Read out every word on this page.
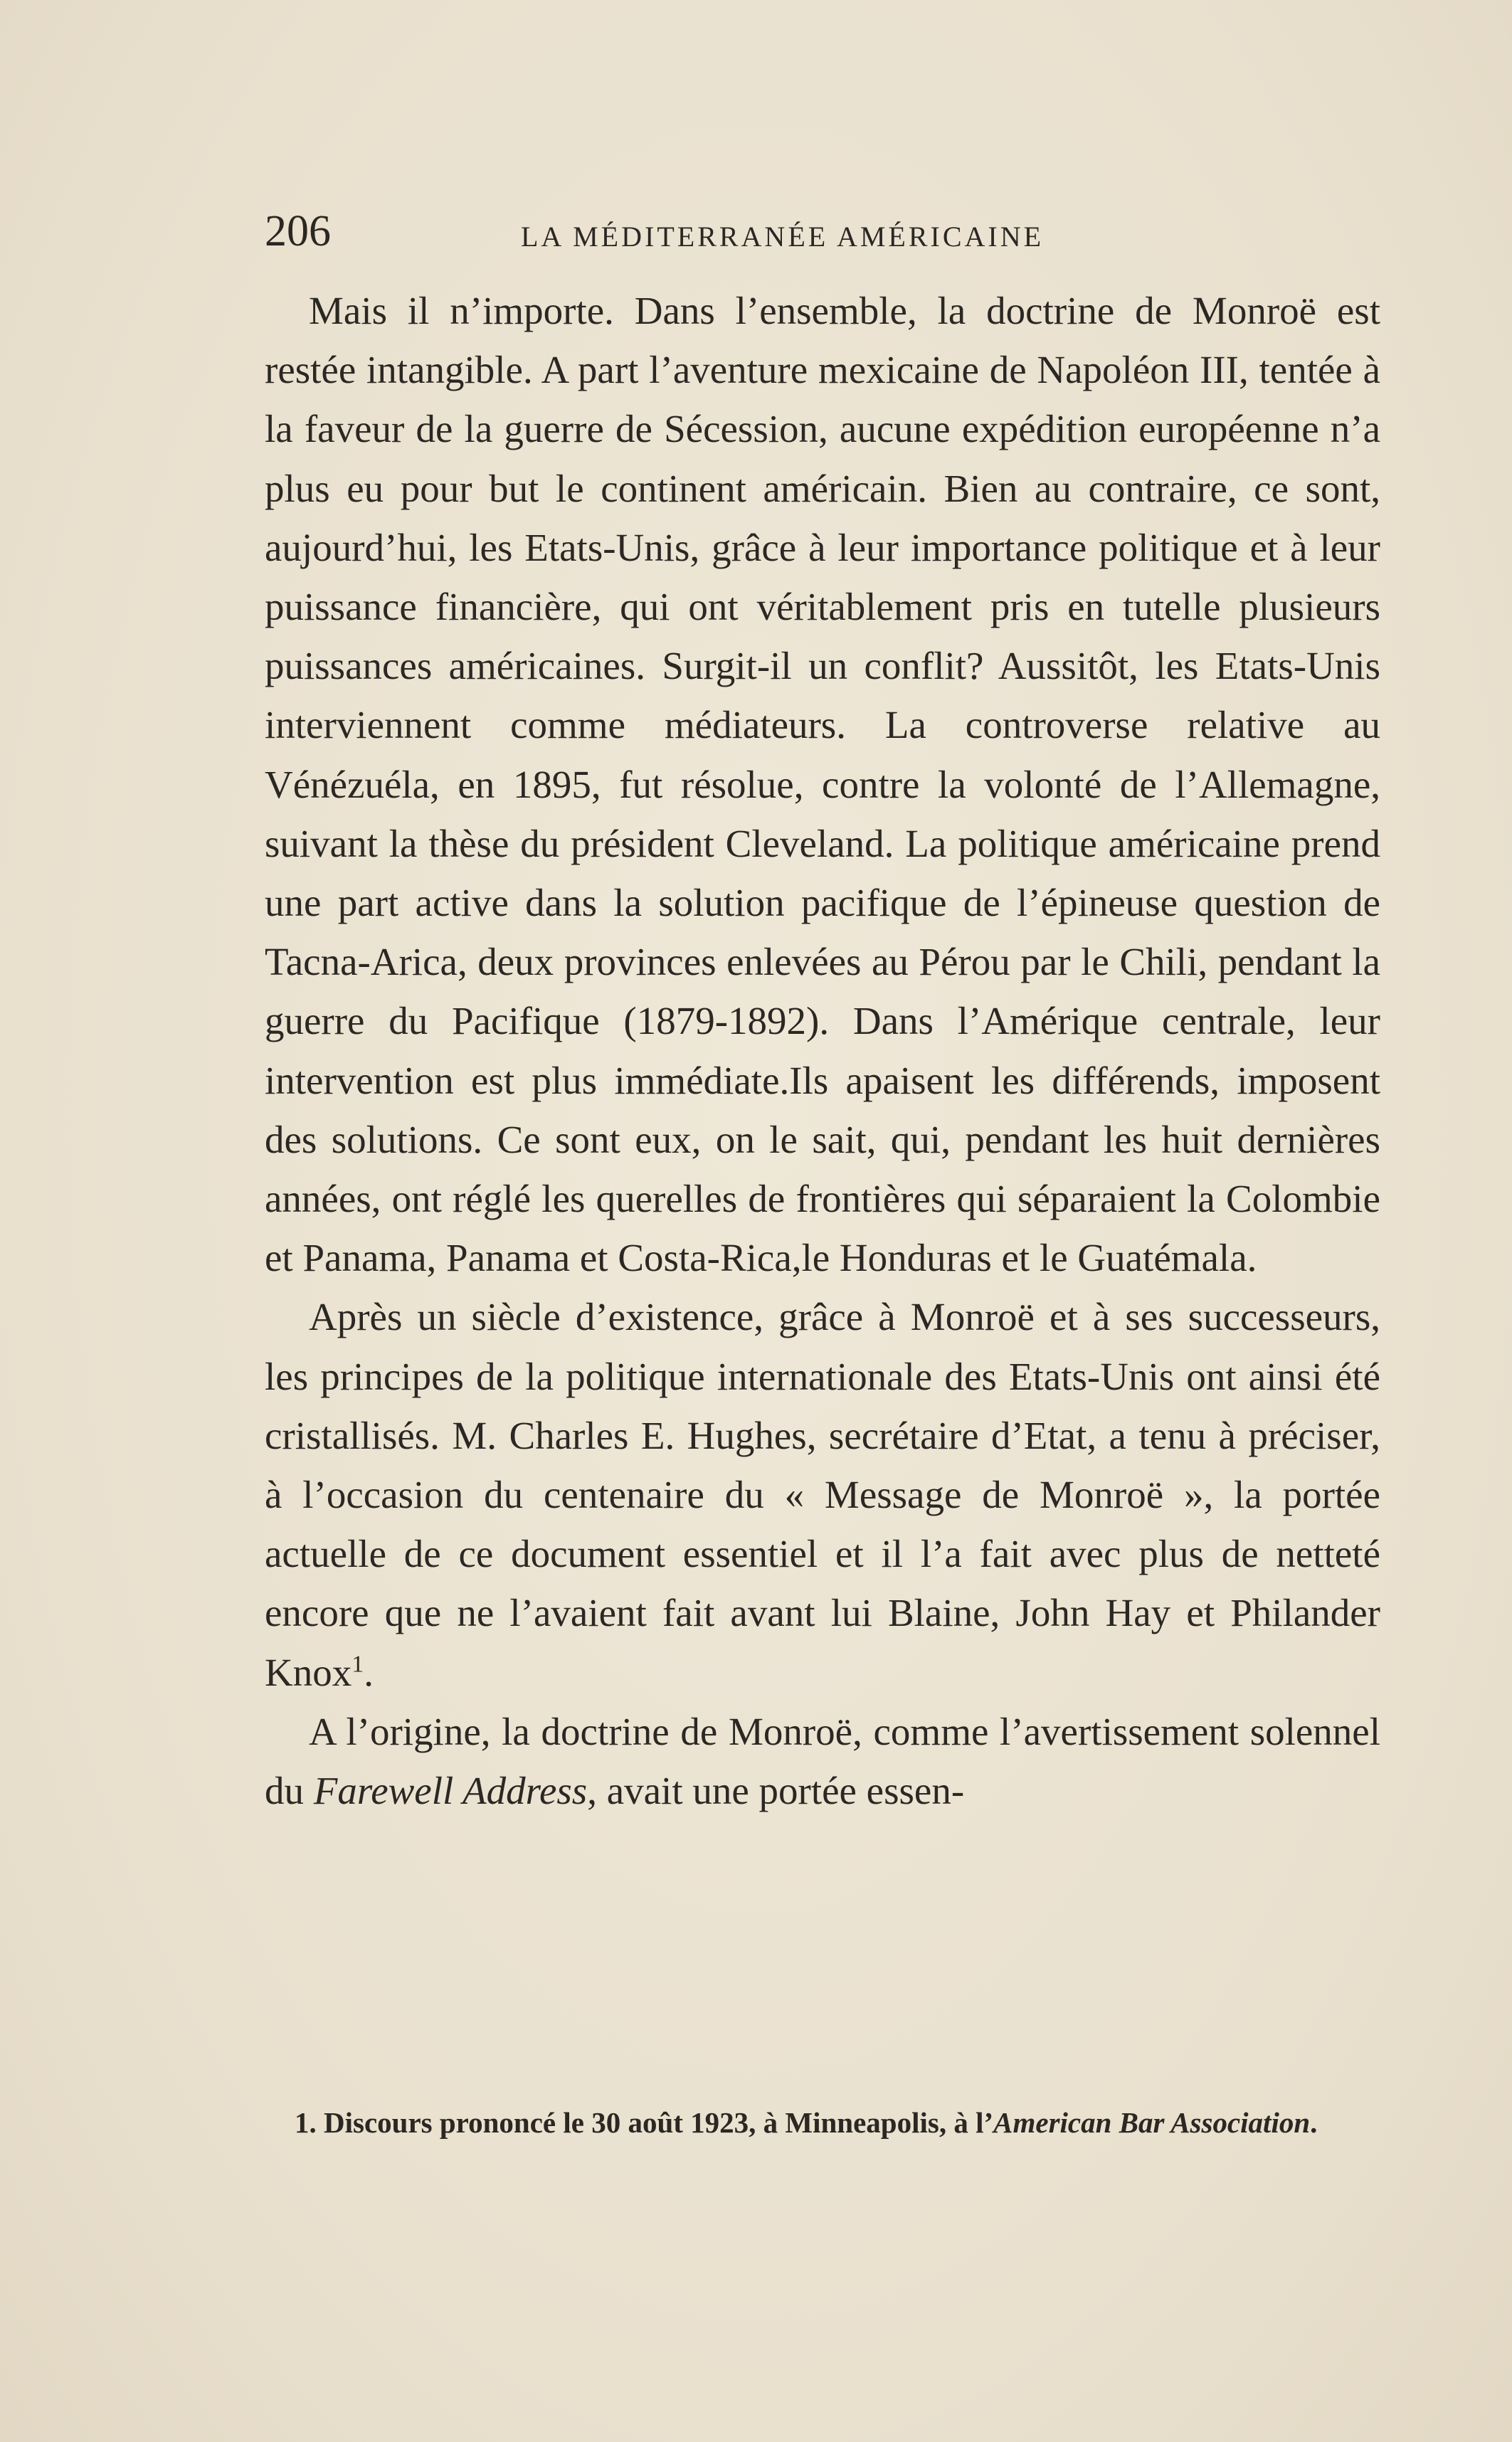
206	LA MÉDITERRANÉE AMÉRICAINE

Mais il n’importe. Dans l’ensemble, la doctrine de Monroë est restée intangible. A part l’aventure mexicaine de Napoléon III, tentée à la faveur de la guerre de Sécession, aucune expédition européenne n’a plus eu pour but le continent américain. Bien au contraire, ce sont, aujourd’hui, les Etats-Unis, grâce à leur importance politique et à leur puissance financière, qui ont véritablement pris en tutelle plusieurs puissances américaines. Surgit-il un conflit? Aussitôt, les Etats-Unis interviennent comme médiateurs. La controverse relative au Vénézuéla, en 1895, fut résolue, contre la volonté de l’Allemagne, suivant la thèse du président Cleveland. La politique américaine prend une part active dans la solution pacifique de l’épineuse question de Tacna-Arica, deux provinces enlevées au Pérou par le Chili, pendant la guerre du Pacifique (1879-1892). Dans l’Amérique centrale, leur intervention est plus immédiate.Ils apaisent les différends, imposent des solutions. Ce sont eux, on le sait, qui, pendant les huit dernières années, ont réglé les querelles de frontières qui séparaient la Colombie et Panama, Panama et Costa-Rica,le Honduras et le Guatémala.

Après un siècle d’existence, grâce à Monroë et à ses successeurs, les principes de la politique internationale des Etats-Unis ont ainsi été cristallisés. M. Charles E. Hughes, secrétaire d’Etat, a tenu à préciser, à l’occasion du centenaire du « Message de Monroë », la portée actuelle de ce document essentiel et il l’a fait avec plus de netteté encore que ne l’avaient fait avant lui Blaine, John Hay et Philander Knox$^1$.

A l’origine, la doctrine de Monroë, comme l’avertissement solennel du Farewell Address, avait une portée essen-

1. Discours prononcé le 30 août 1923, à Minneapolis, à l’American Bar Association.
